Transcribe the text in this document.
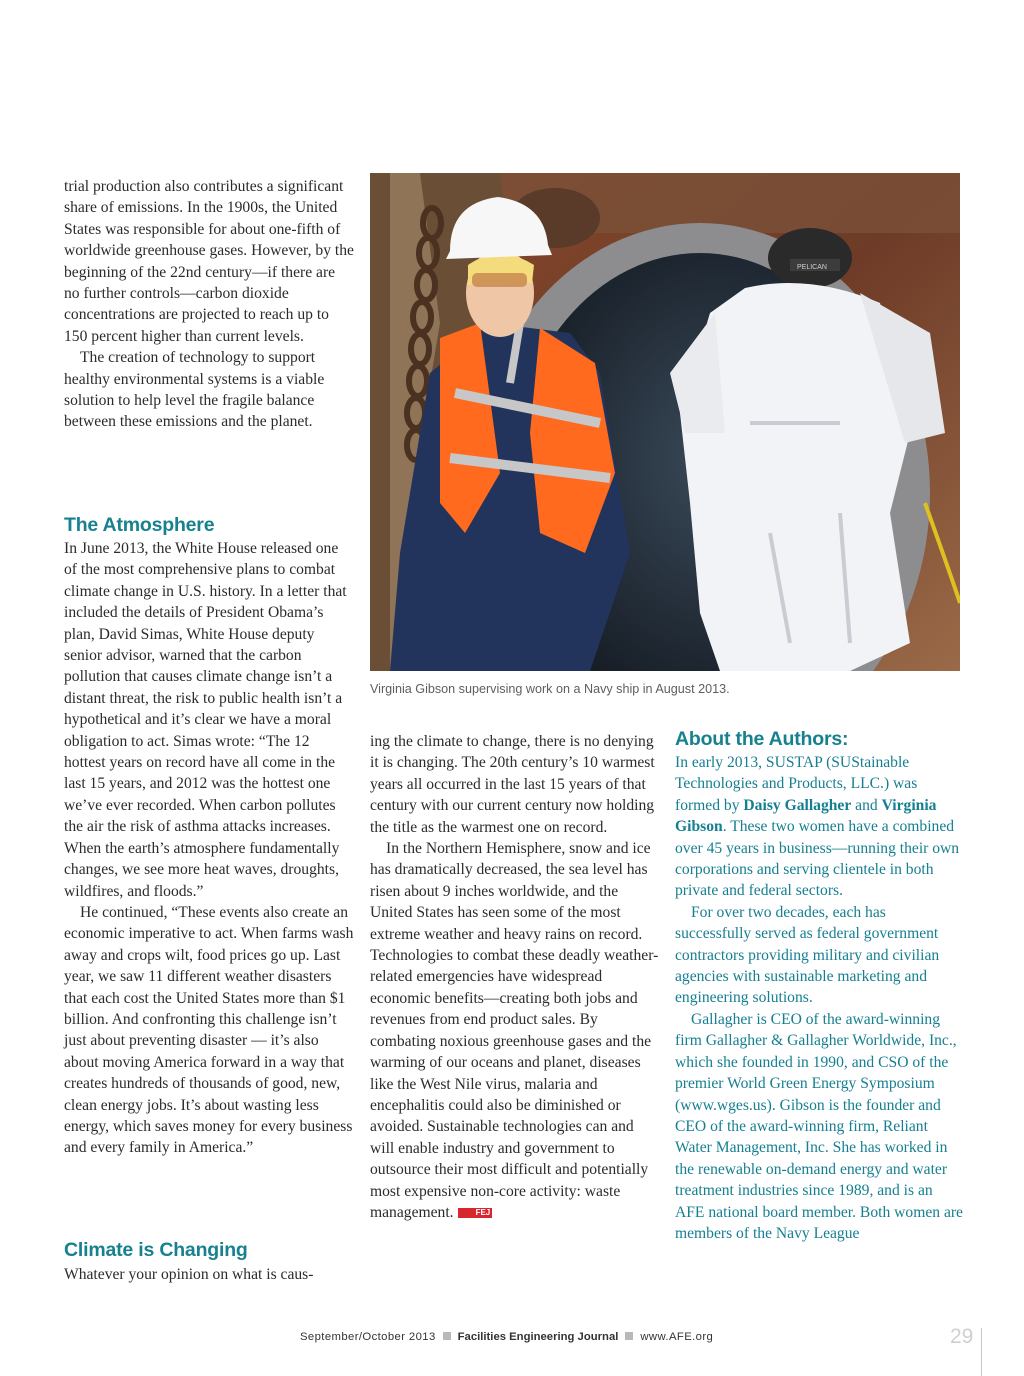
trial production also contributes a significant share of emissions. In the 1900s, the United States was responsible for about one-fifth of worldwide greenhouse gases. However, by the beginning of the 22nd century—if there are no further controls—carbon dioxide concentrations are projected to reach up to 150 percent higher than current levels.

The creation of technology to support healthy environmental systems is a viable solution to help level the fragile balance between these emissions and the planet.

The Atmosphere

In June 2013, the White House released one of the most comprehensive plans to combat climate change in U.S. history. In a letter that included the details of President Obama’s plan, David Simas, White House deputy senior advisor, warned that the carbon pollution that causes climate change isn’t a distant threat, the risk to public health isn’t a hypothetical and it’s clear we have a moral obligation to act. Simas wrote: “The 12 hottest years on record have all come in the last 15 years, and 2012 was the hottest one we’ve ever recorded. When carbon pollutes the air the risk of asthma attacks increases. When the earth’s atmosphere fundamentally changes, we see more heat waves, droughts, wildfires, and floods.”

He continued, “These events also create an economic imperative to act. When farms wash away and crops wilt, food prices go up. Last year, we saw 11 different weather disasters that each cost the United States more than $1 billion. And confronting this challenge isn’t just about preventing disaster — it’s also about moving America forward in a way that creates hundreds of thousands of good, new, clean energy jobs. It’s about wasting less energy, which saves money for every business and every family in America.”

Climate is Changing

Whatever your opinion on what is caus-

PELICAN
Virginia Gibson supervising work on a Navy ship in August 2013.

ing the climate to change, there is no denying it is changing. The 20th century’s 10 warmest years all occurred in the last 15 years of that century with our current century now holding the title as the warmest one on record.

In the Northern Hemisphere, snow and ice has dramatically decreased, the sea level has risen about 9 inches worldwide, and the United States has seen some of the most extreme weather and heavy rains on record. Technologies to combat these deadly weather-related emergencies have widespread economic benefits—creating both jobs and revenues from end product sales. By combating noxious greenhouse gases and the warming of our oceans and planet, diseases like the West Nile virus, malaria and encephalitis could also be diminished or avoided. Sustainable technologies can and will enable industry and government to outsource their most difficult and potentially most expensive non-core activity: waste management.	FEJ

About the Authors:

In early 2013, SUSTAP (SUStainable Technologies and Products, LLC.) was formed by Daisy Gallagher and Virginia Gibson. These two women have a combined over 45 years in business—running their own corporations and serving clientele in both private and federal sectors.

For over two decades, each has successfully served as federal government contractors providing military and civilian agencies with sustainable marketing and engineering solutions.

Gallagher is CEO of the award-winning firm Gallagher & Gallagher Worldwide, Inc., which she founded in 1990, and CSO of the premier World Green Energy Symposium (www.wges.us). Gibson is the founder and CEO of the award-winning firm, Reliant Water Management, Inc. She has worked in the renewable on-demand energy and water treatment industries since 1989, and is an AFE national board member. Both women are members of the Navy League

September/October 2013 Facilities Engineering Journal www.AFE.org	29
